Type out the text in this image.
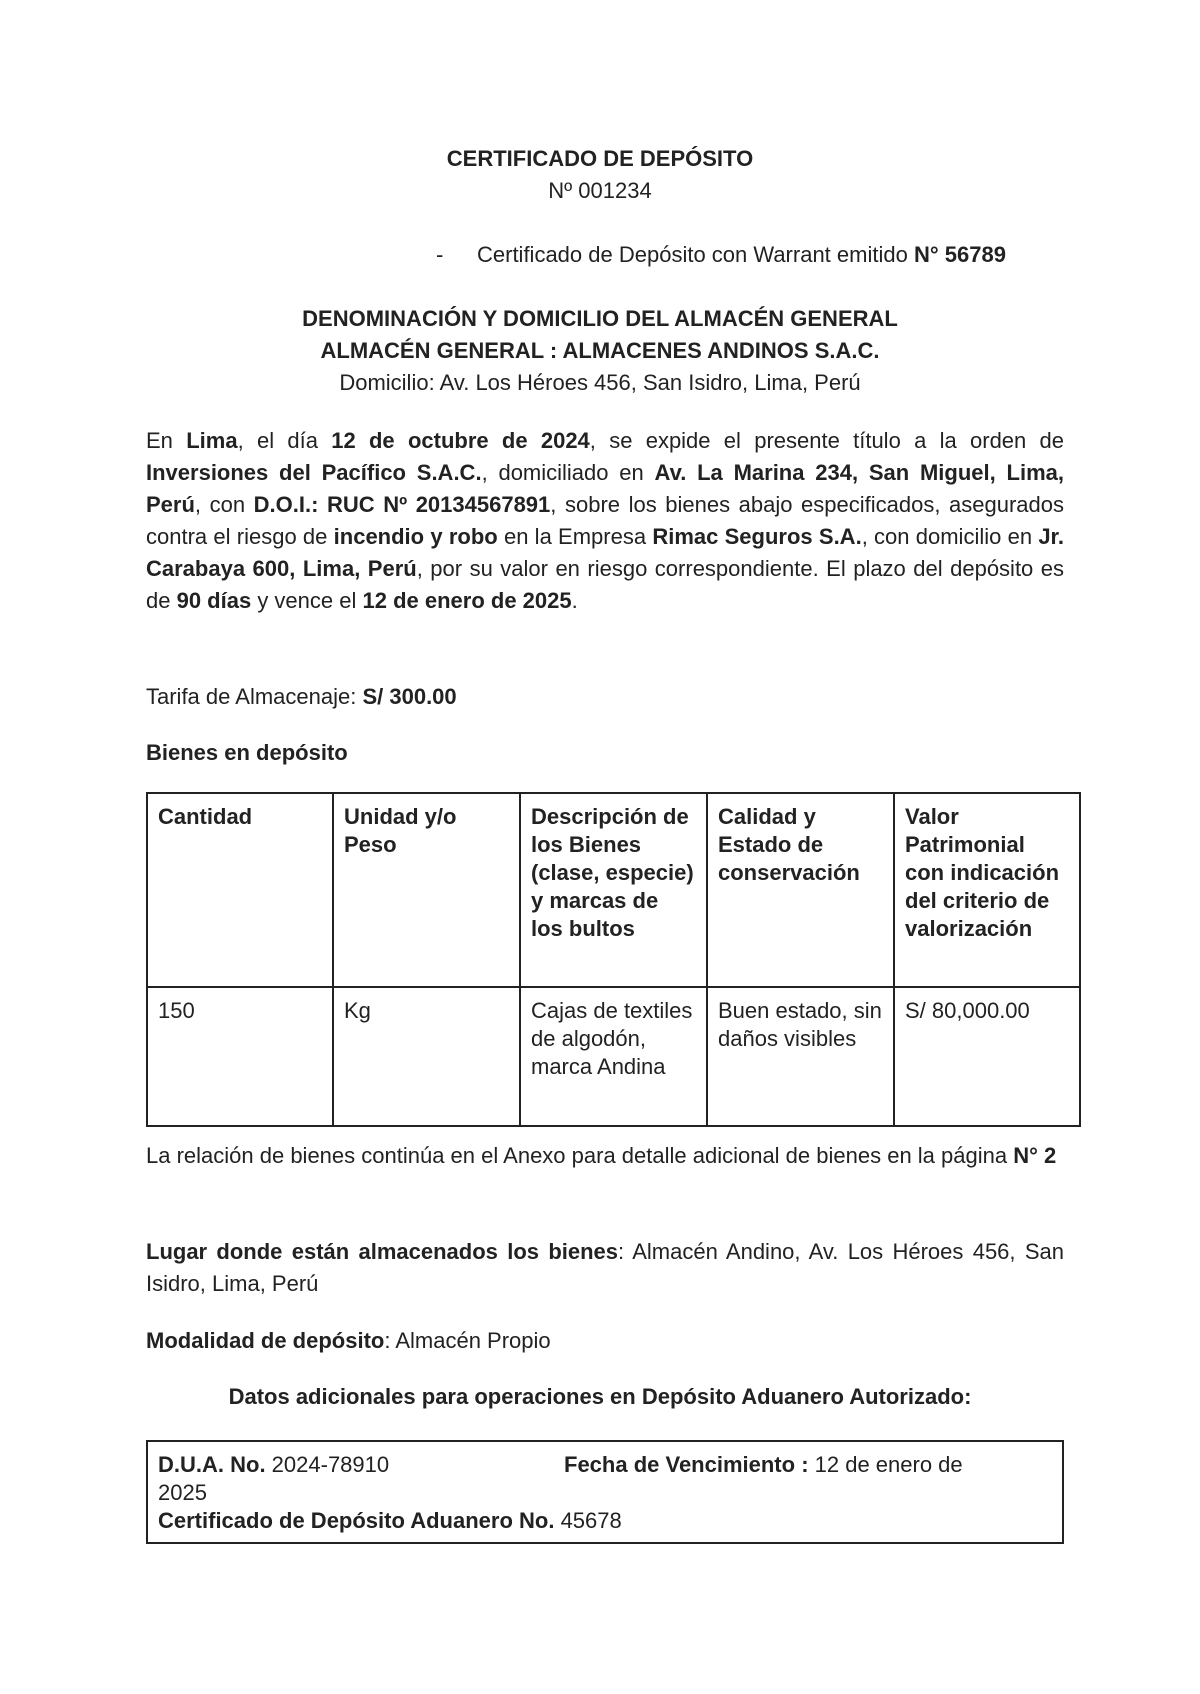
CERTIFICADO DE DEPÓSITO
Nº 001234
- Certificado de Depósito con Warrant emitido N° 56789
DENOMINACIÓN Y DOMICILIO DEL ALMACÉN GENERAL
ALMACÉN GENERAL : ALMACENES ANDINOS S.A.C.
Domicilio: Av. Los Héroes 456, San Isidro, Lima, Perú
En Lima, el día 12 de octubre de 2024, se expide el presente título a la orden de Inversiones del Pacífico S.A.C., domiciliado en Av. La Marina 234, San Miguel, Lima, Perú, con D.O.I.: RUC Nº 20134567891, sobre los bienes abajo especificados, asegurados contra el riesgo de incendio y robo en la Empresa Rimac Seguros S.A., con domicilio en Jr. Carabaya 600, Lima, Perú, por su valor en riesgo correspondiente. El plazo del depósito es de 90 días y vence el 12 de enero de 2025.
Tarifa de Almacenaje: S/ 300.00
Bienes en depósito
Cantidad	Unidad y/o Peso	Descripción de los Bienes (clase, especie) y marcas de los bultos	Calidad y Estado de conservación	Valor Patrimonial con indicación del criterio de valorización
150	Kg	Cajas de textiles de algodón, marca Andina	Buen estado, sin daños visibles	S/ 80,000.00
La relación de bienes continúa en el Anexo para detalle adicional de bienes en la página N° 2
Lugar donde están almacenados los bienes: Almacén Andino, Av. Los Héroes 456, San Isidro, Lima, Perú
Modalidad de depósito: Almacén Propio
Datos adicionales para operaciones en Depósito Aduanero Autorizado:
D.U.A. No. 2024-78910	Fecha de Vencimiento : 12 de enero de
2025
Certificado de Depósito Aduanero No. 45678
